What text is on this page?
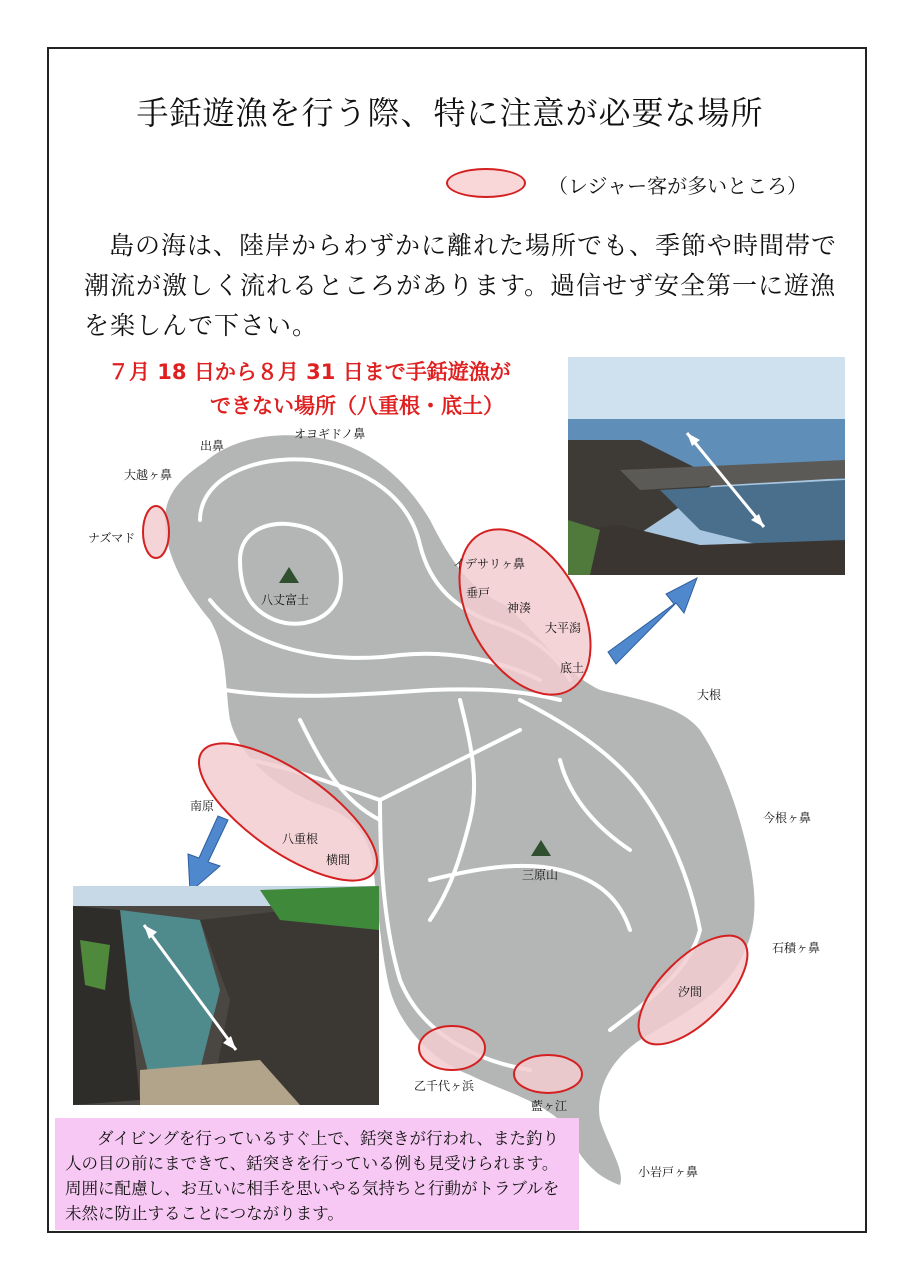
手銛遊漁を行う際、特に注意が必要な場所
（レジャー客が多いところ）

島の海は、陸岸からわずかに離れた場所でも、季節や時間帯で潮流が激しく流れるところがあります。過信せず安全第一に遊漁を楽しんで下さい。

７月 18 日から８月 31 日まで手銛遊漁が
できない場所（八重根・底土）
出鼻
オヨギドノ鼻
大越ヶ鼻
ナズマド
八丈富士
イデサリヶ鼻
垂戸
神湊
大平潟
底土
大根
南原
八重根
横間
今根ヶ鼻
三原山
石積ヶ鼻
汐間
乙千代ヶ浜
藍ヶ江
小岩戸ヶ鼻

ダイビングを行っているすぐ上で、銛突きが行われ、また釣り人の目の前にまできて、銛突きを行っている例も見受けられます。周囲に配慮し、お互いに相手を思いやる気持ちと行動がトラブルを未然に防止することにつながります。
